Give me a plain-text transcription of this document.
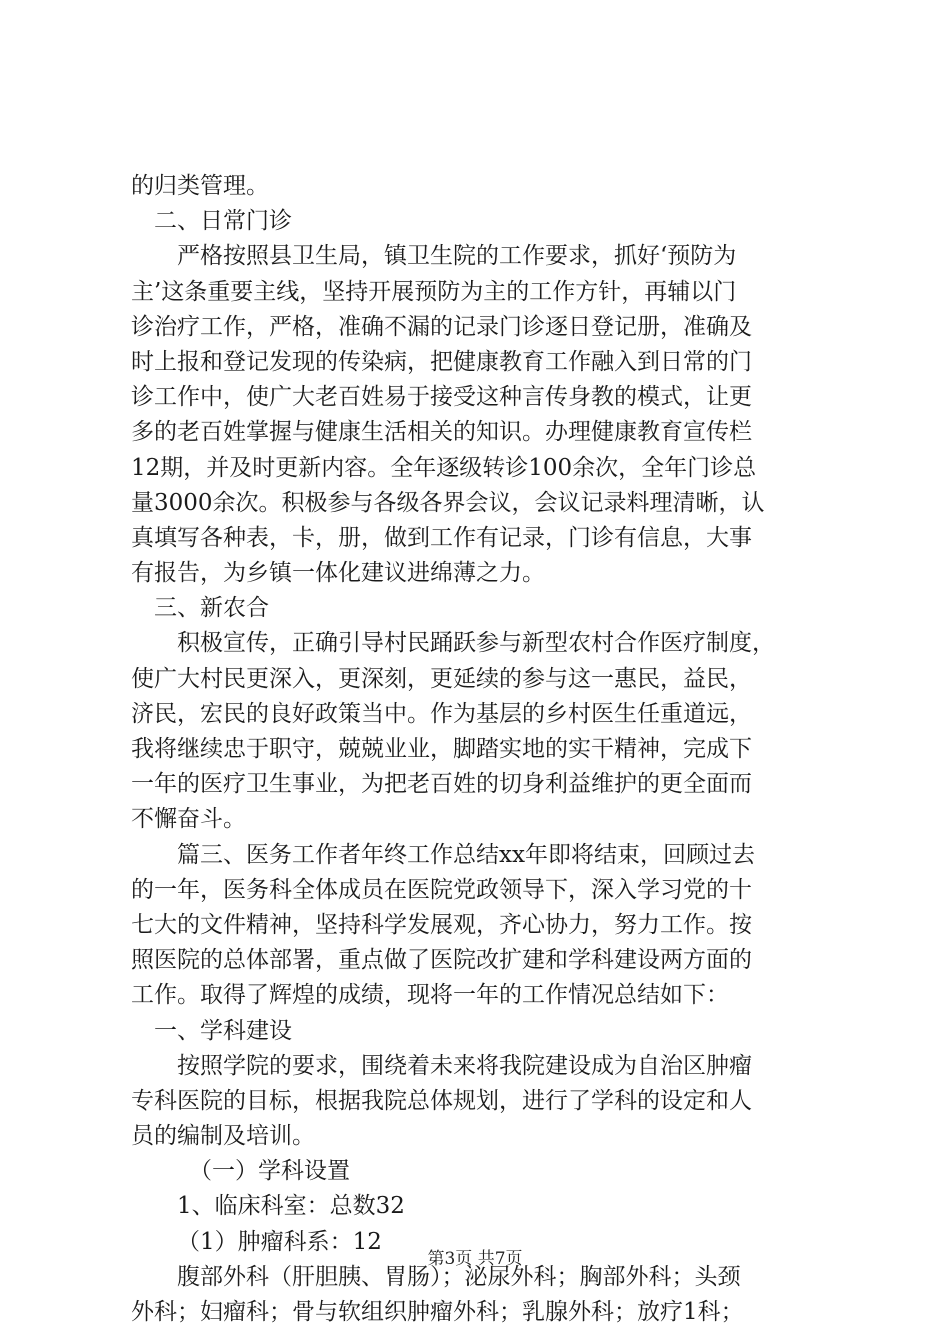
的归类管理。
二、日常门诊
严格按照县卫生局，镇卫生院的工作要求，抓好‘预防为
主’这条重要主线，坚持开展预防为主的工作方针，再辅以门
诊治疗工作，严格，准确不漏的记录门诊逐日登记册，准确及
时上报和登记发现的传染病，把健康教育工作融入到日常的门
诊工作中，使广大老百姓易于接受这种言传身教的模式，让更
多的老百姓掌握与健康生活相关的知识。办理健康教育宣传栏
12期，并及时更新内容。全年逐级转诊100余次，全年门诊总
量3000余次。积极参与各级各界会议，会议记录料理清晰，认
真填写各种表，卡，册，做到工作有记录，门诊有信息，大事
有报告，为乡镇一体化建议进绵薄之力。
三、新农合
积极宣传，正确引导村民踊跃参与新型农村合作医疗制度，
使广大村民更深入，更深刻，更延续的参与这一惠民，益民，
济民，宏民的良好政策当中。作为基层的乡村医生任重道远，
我将继续忠于职守，兢兢业业，脚踏实地的实干精神，完成下
一年的医疗卫生事业，为把老百姓的切身利益维护的更全面而
不懈奋斗。
篇三、医务工作者年终工作总结xx年即将结束，回顾过去
的一年，医务科全体成员在医院党政领导下，深入学习党的十
七大的文件精神，坚持科学发展观，齐心协力，努力工作。按
照医院的总体部署，重点做了医院改扩建和学科建设两方面的
工作。取得了辉煌的成绩，现将一年的工作情况总结如下：
一、学科建设
按照学院的要求，围绕着未来将我院建设成为自治区肿瘤
专科医院的目标，根据我院总体规划，进行了学科的设定和人
员的编制及培训。
（一）学科设置
1、临床科室：总数32
（1）肿瘤科系：12
腹部外科（肝胆胰、胃肠）；泌尿外科；胸部外科；头颈
外科；妇瘤科；骨与软组织肿瘤外科；乳腺外科；放疗1科；
第3页 共7页
